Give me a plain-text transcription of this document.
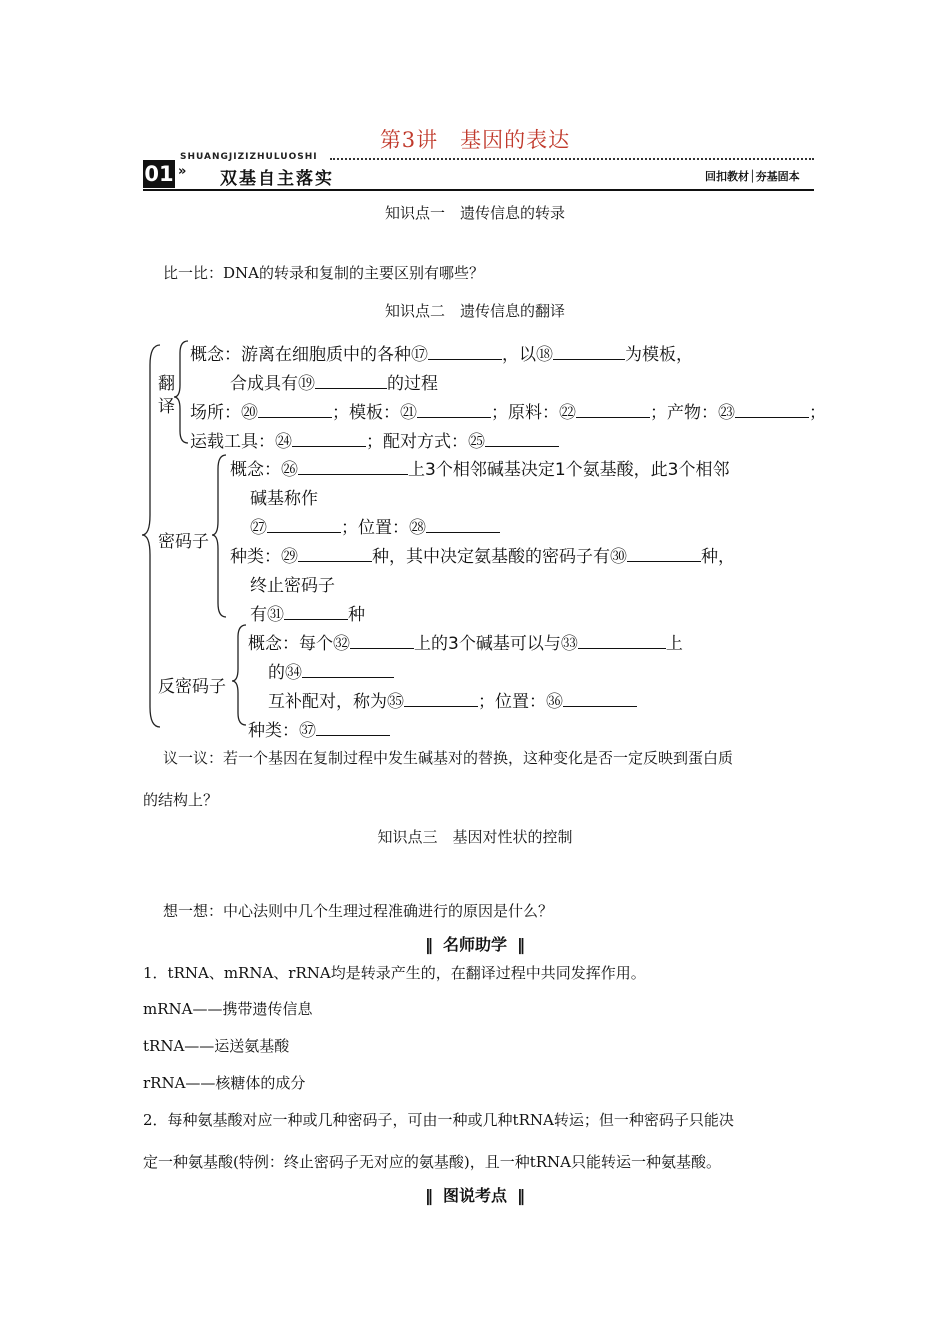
第3讲　基因的表达
SHUANGJIZIZHULUOSHI
01 » 双基自主落实	回扣教材│夯基固本
知识点一　遗传信息的转录
比一比：DNA的转录和复制的主要区别有哪些？
知识点二　遗传信息的翻译
翻译
概念：游离在细胞质中的各种⑰	，以⑱	为模板，
合成具有⑲	的过程
场所：⑳	；模板：㉑	；原料：㉒	；产物：㉓	；
运载工具：㉔	；配对方式：㉕
密码子
概念：㉖	上3个相邻碱基决定1个氨基酸，此3个相邻
碱基称作
㉗	；位置：㉘
种类：㉙	种，其中决定氨基酸的密码子有㉚	种，
终止密码子
有㉛	种
反密码子
概念：每个㉜	上的3个碱基可以与㉝	上
的㉞
互补配对，称为㉟	；位置：㊱
种类：㊲
议一议：若一个基因在复制过程中发生碱基对的替换，这种变化是否一定反映到蛋白质
的结构上？
知识点三　基因对性状的控制
想一想：中心法则中几个生理过程准确进行的原因是什么？
‖ 名师助学 ‖
1．tRNA、mRNA、rRNA均是转录产生的，在翻译过程中共同发挥作用。
mRNA——携带遗传信息
tRNA——运送氨基酸
rRNA——核糖体的成分
2．每种氨基酸对应一种或几种密码子，可由一种或几种tRNA转运；但一种密码子只能决
定一种氨基酸(特例：终止密码子无对应的氨基酸)，且一种tRNA只能转运一种氨基酸。
‖ 图说考点 ‖
